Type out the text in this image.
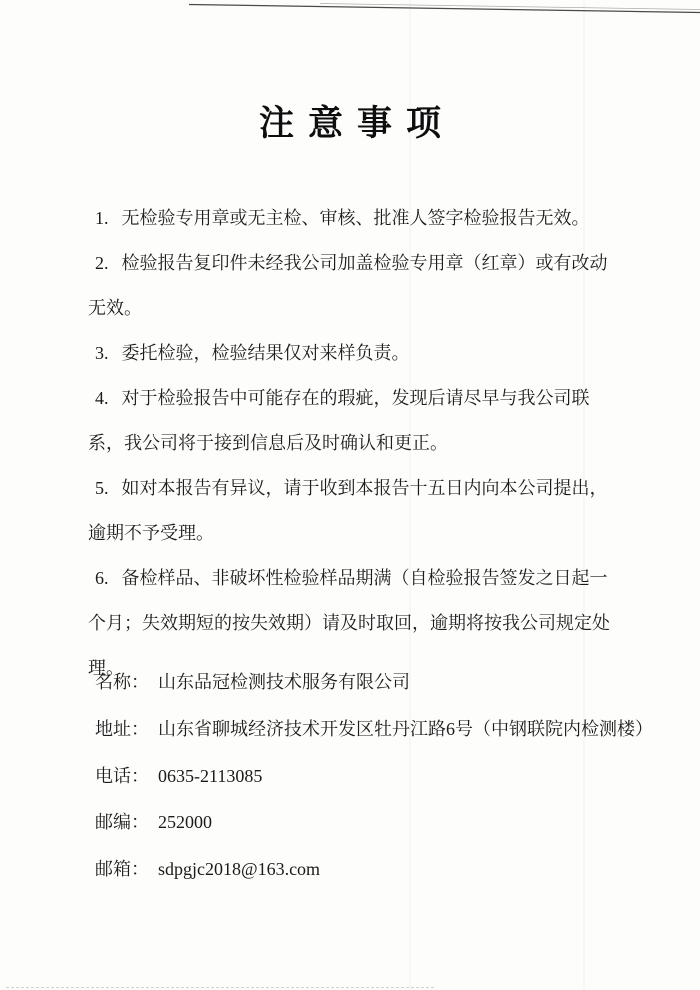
注意事项

1. 无检验专用章或无主检、审核、批准人签字检验报告无效。

2. 检验报告复印件未经我公司加盖检验专用章（红章）或有改动无效。

3. 委托检验，检验结果仅对来样负责。

4. 对于检验报告中可能存在的瑕疵，发现后请尽早与我公司联系，我公司将于接到信息后及时确认和更正。

5. 如对本报告有异议，请于收到本报告十五日内向本公司提出，逾期不予受理。

6. 备检样品、非破坏性检验样品期满（自检验报告签发之日起一个月；失效期短的按失效期）请及时取回，逾期将按我公司规定处理。

名称： 山东品冠检测技术服务有限公司

地址： 山东省聊城经济技术开发区牡丹江路6号（中钢联院内检测楼）

电话： 0635-2113085

邮编： 252000

邮箱： sdpgjc2018@163.com
